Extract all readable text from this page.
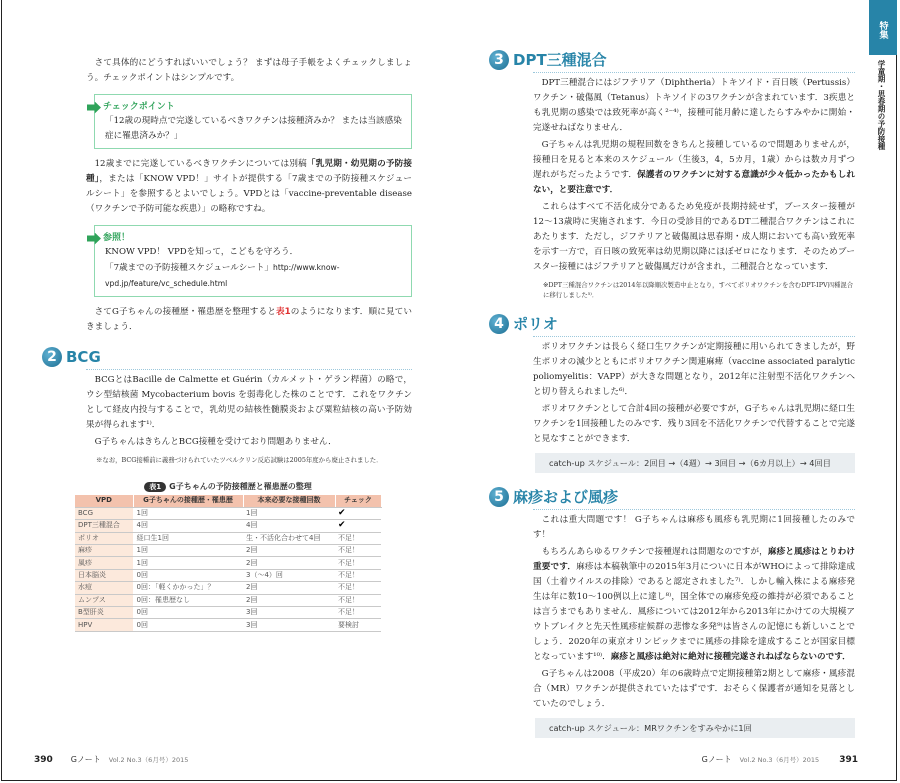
特集
学童期・思春期の予防接種

さて具体的にどうすればいいでしょう？ まずは母子手帳をよくチェックしましょう。チェックポイントはシンプルです。

チェックポイント
「12歳の現時点で完遂しているべきワクチンは接種済みか？ または当該感染症に罹患済みか？」

12歳までに完遂しているべきワクチンについては別稿「乳児期・幼児期の予防接種」，または「KNOW VPD！」サイトが提供する「7歳までの予防接種スケジュールシート」を参照するとよいでしょう。VPDとは「vaccine-preventable disease（ワクチンで予防可能な疾患）」の略称ですね。

参照！
KNOW VPD！ VPDを知って，こどもを守ろう．
「7歳までの予防接種スケジュールシート」http://www.know-vpd.jp/feature/vc_schedule.html

さてG子ちゃんの接種歴・罹患歴を整理すると表1のようになります．順に見ていきましょう．

2 BCG

BCGとはBacille de Calmette et Guérin（カルメット・ゲラン桿菌）の略で，ウシ型結核菌 Mycobacterium bovis を弱毒化した株のことです．これをワクチンとして経皮内投与することで，乳幼児の結核性髄膜炎および粟粒結核の高い予防効果が得られます¹⁾．

G子ちゃんはきちんとBCG接種を受けており問題ありません．

※なお，BCG接種前に義務づけられていたツベルクリン反応試験は2005年度から廃止されました．

表1	G子ちゃんの予防接種歴と罹患歴の整理
VPD	G子ちゃんの接種歴・罹患歴	本来必要な接種回数	チェック
BCG	1回	1回	✔
DPT三種混合	4回	4回	✔
ポリオ	経口生1回	生・不活化合わせて4回	不足！
麻疹	1回	2回	不足！
風疹	1回	2回	不足！
日本脳炎	0回	3（〜4）回	不足！
水痘	0回：「軽くかかった」？	2回	不足！
ムンプス	0回：罹患歴なし	2回	不足！
B型肝炎	0回	3回	不足！
HPV	0回	3回	要検討
390 Gノート Vol.2 No.3（6月号）2015
3 DPT三種混合

DPT三種混合にはジフテリア（Diphtheria）トキソイド・百日咳（Pertussis）ワクチン・破傷風（Tetanus）トキソイドの3ワクチンが含まれています．3疾患とも乳児期の感染では致死率が高く²⁻⁴⁾，接種可能月齢に達したらすみやかに開始・完遂せねばなりません．

G子ちゃんは乳児期の規程回数をきちんと接種しているので問題ありませんが，接種日を見ると本来のスケジュール（生後3，4，5カ月，1歳）からは数カ月ずつ遅れがちだったようです．保護者のワクチンに対する意識が少々低かったかもしれない，と要注意です．

これらはすべて不活化成分であるため免疫が長期持続せず，ブースター接種が12〜13歳時に実施されます．今日の受診目的であるDT二種混合ワクチンはこれにあたります．ただし，ジフテリアと破傷風は思春期・成人期においても高い致死率を示す一方で，百日咳の致死率は幼児期以降にほぼゼロになります．そのためブースター接種にはジフテリアと破傷風だけが含まれ，二種混合となっています．

※DPT三種混合ワクチンは2014年以降順次製造中止となり，すべてポリオワクチンを含むDPT-IPV四種混合に移行しました⁵⁾．

4 ポリオ

ポリオワクチンは長らく経口生ワクチンが定期接種に用いられてきましたが，野生ポリオの減少とともにポリオワクチン関連麻痺（vaccine associated paralytic poliomyelitis：VAPP）が大きな問題となり，2012年に注射型不活化ワクチンへと切り替えられました⁶⁾．

ポリオワクチンとして合計4回の接種が必要ですが，G子ちゃんは乳児期に経口生ワクチンを1回接種したのみです．残り3回を不活化ワクチンで代替することで完遂と見なすことができます．

catch-up スケジュール：2回目 →（4週）→ 3回目 →（6カ月以上）→ 4回目
5 麻疹および風疹

これは重大問題です！ G子ちゃんは麻疹も風疹も乳児期に1回接種したのみです！

もちろんあらゆるワクチンで接種遅れは問題なのですが，麻疹と風疹はとりわけ重要です．麻疹は本稿執筆中の2015年3月についに日本がWHOによって排除達成国（土着ウイルスの排除）であると認定されました⁷⁾．しかし輸入株による麻疹発生は年に数10〜100例以上に達し⁸⁾，国全体での麻疹免疫の維持が必須であることは言うまでもありません．風疹については2012年から2013年にかけての大規模アウトブレイクと先天性風疹症候群の悲惨な多発⁹⁾は皆さんの記憶にも新しいことでしょう．2020年の東京オリンピックまでに風疹の排除を達成することが国家目標となっています¹⁰⁾．麻疹と風疹は絶対に絶対に接種完遂されねばならないのです．

G子ちゃんは2008（平成20）年の6歳時点で定期接種第2期として麻疹・風疹混合（MR）ワクチンが提供されていたはずです．おそらく保護者が通知を見落としていたのでしょう．

catch-up スケジュール：MRワクチンをすみやかに1回
Gノート Vol.2 No.3（6月号）2015 391
